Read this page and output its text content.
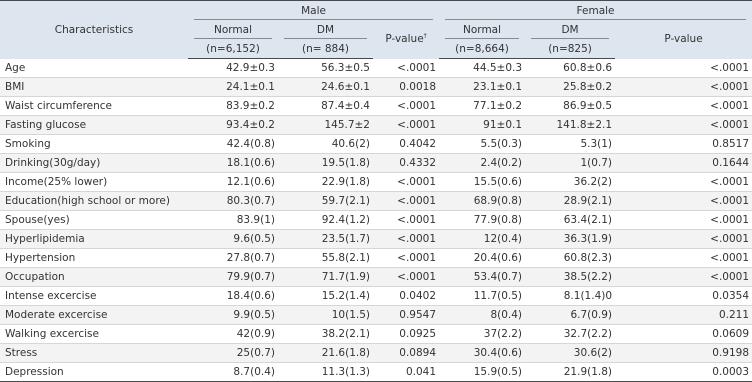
Characteristics	Male			Female		
	Normal	DM	P-value†	Normal	DM	P-value
	(n=6,152)	(n= 884)		(n=8,664)	(n=825)	
Age	42.9±0.3	56.3±0.5	<.0001	44.5±0.3	60.8±0.6	<.0001
BMI	24.1±0.1	24.6±0.1	0.0018	23.1±0.1	25.8±0.2	<.0001
Waist circumference	83.9±0.2	87.4±0.4	<.0001	77.1±0.2	86.9±0.5	<.0001
Fasting glucose	93.4±0.2	145.7±2	<.0001	91±0.1	141.8±2.1	<.0001
Smoking	42.4(0.8)	40.6(2)	0.4042	5.5(0.3)	5.3(1)	0.8517
Drinking(30g/day)	18.1(0.6)	19.5(1.8)	0.4332	2.4(0.2)	1(0.7)	0.1644
Income(25% lower)	12.1(0.6)	22.9(1.8)	<.0001	15.5(0.6)	36.2(2)	<.0001
Education(high school or more)	80.3(0.7)	59.7(2.1)	<.0001	68.9(0.8)	28.9(2.1)	<.0001
Spouse(yes)	83.9(1)	92.4(1.2)	<.0001	77.9(0.8)	63.4(2.1)	<.0001
Hyperlipidemia	9.6(0.5)	23.5(1.7)	<.0001	12(0.4)	36.3(1.9)	<.0001
Hypertension	27.8(0.7)	55.8(2.1)	<.0001	20.4(0.6)	60.8(2.3)	<.0001
Occupation	79.9(0.7)	71.7(1.9)	<.0001	53.4(0.7)	38.5(2.2)	<.0001
Intense excercise	18.4(0.6)	15.2(1.4)	0.0402	11.7(0.5)	8.1(1.4)0	0.0354
Moderate excercise	9.9(0.5)	10(1.5)	0.9547	8(0.4)	6.7(0.9)	0.211
Walking excercise	42(0.9)	38.2(2.1)	0.0925	37(2.2)	32.7(2.2)	0.0609
Stress	25(0.7)	21.6(1.8)	0.0894	30.4(0.6)	30.6(2)	0.9198
Depression	8.7(0.4)	11.3(1.3)	0.041	15.9(0.5)	21.9(1.8)	0.0003
